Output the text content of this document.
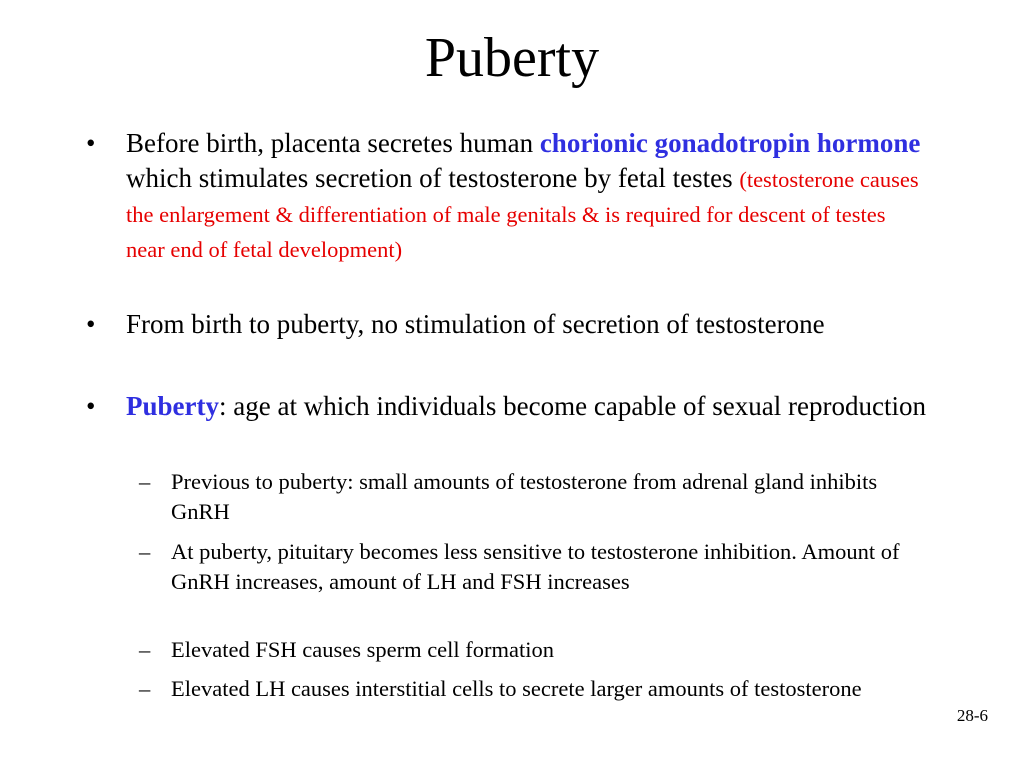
Puberty
• Before birth, placenta secretes human chorionic gonadotropin hormone which stimulates secretion of testosterone by fetal testes (testosterone causes the enlargement & differentiation of male genitals & is required for descent of testes near end of fetal development)
• From birth to puberty, no stimulation of secretion of testosterone
• Puberty: age at which individuals become capable of sexual reproduction
– Previous to puberty: small amounts of testosterone from adrenal gland inhibits GnRH
– At puberty, pituitary becomes less sensitive to testosterone inhibition. Amount of GnRH increases, amount of LH and FSH increases
– Elevated FSH causes sperm cell formation
– Elevated LH causes interstitial cells to secrete larger amounts of testosterone
28-6
